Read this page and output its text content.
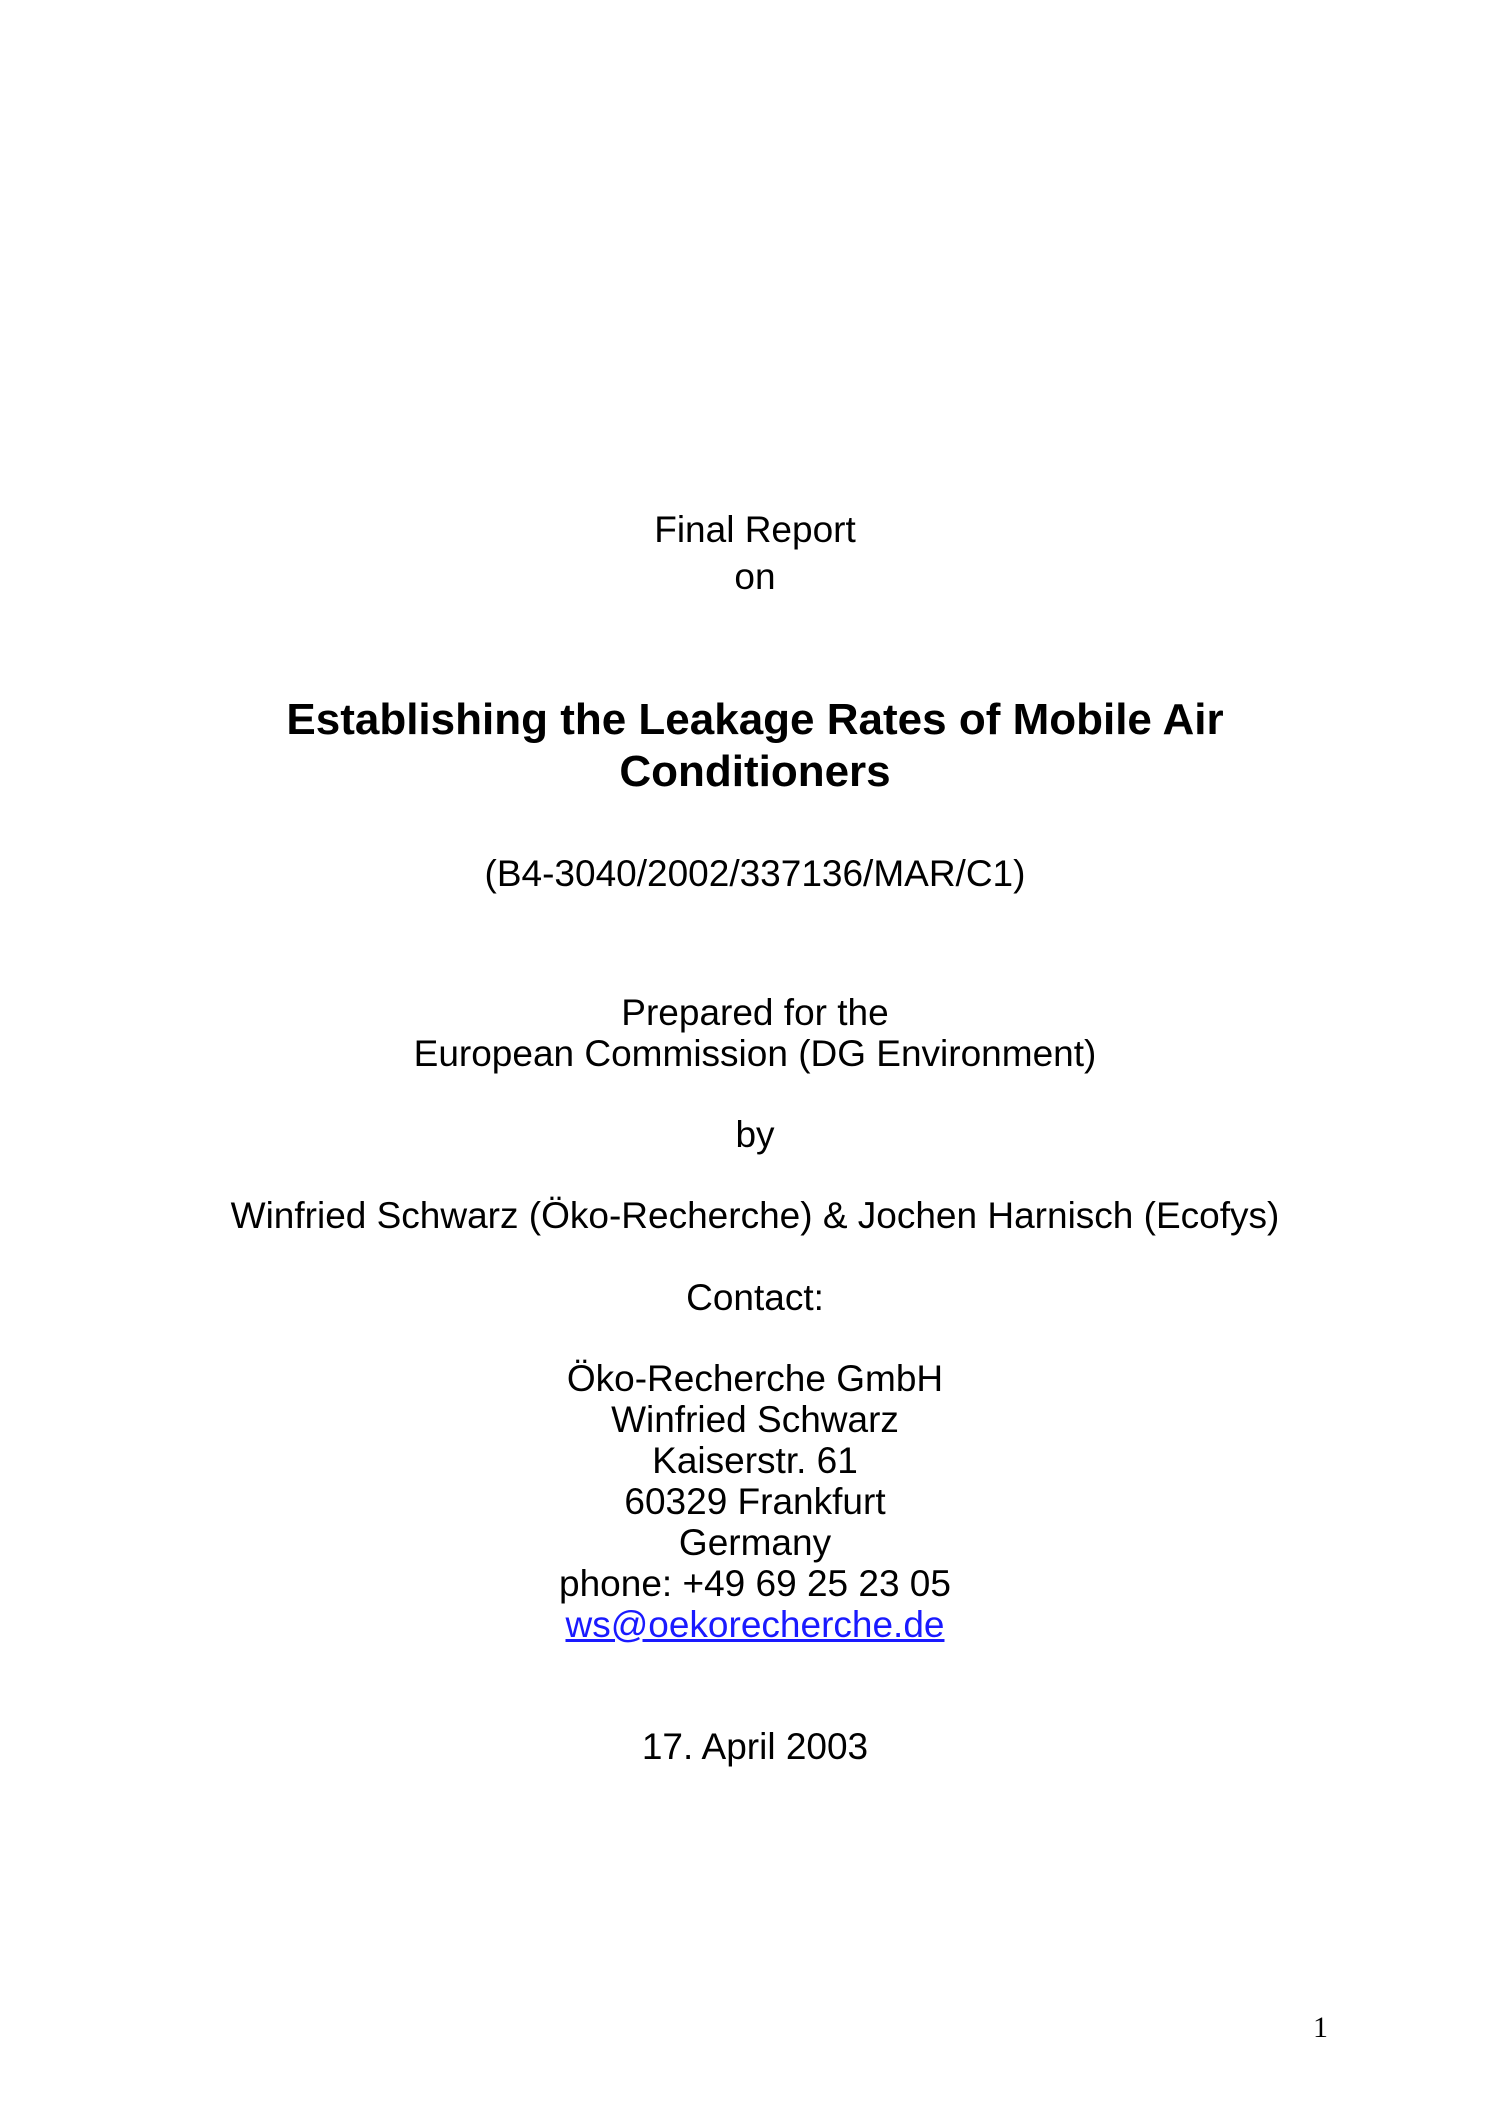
Final Report
on
Establishing the Leakage Rates of Mobile Air
Conditioners
(B4-3040/2002/337136/MAR/C1)
Prepared for the
European Commission (DG Environment)
by
Winfried Schwarz (Öko-Recherche) & Jochen Harnisch (Ecofys)
Contact:
Öko-Recherche GmbH
Winfried Schwarz
Kaiserstr. 61
60329 Frankfurt
Germany
phone: +49 69 25 23 05
ws@oekorecherche.de
17. April 2003
1
